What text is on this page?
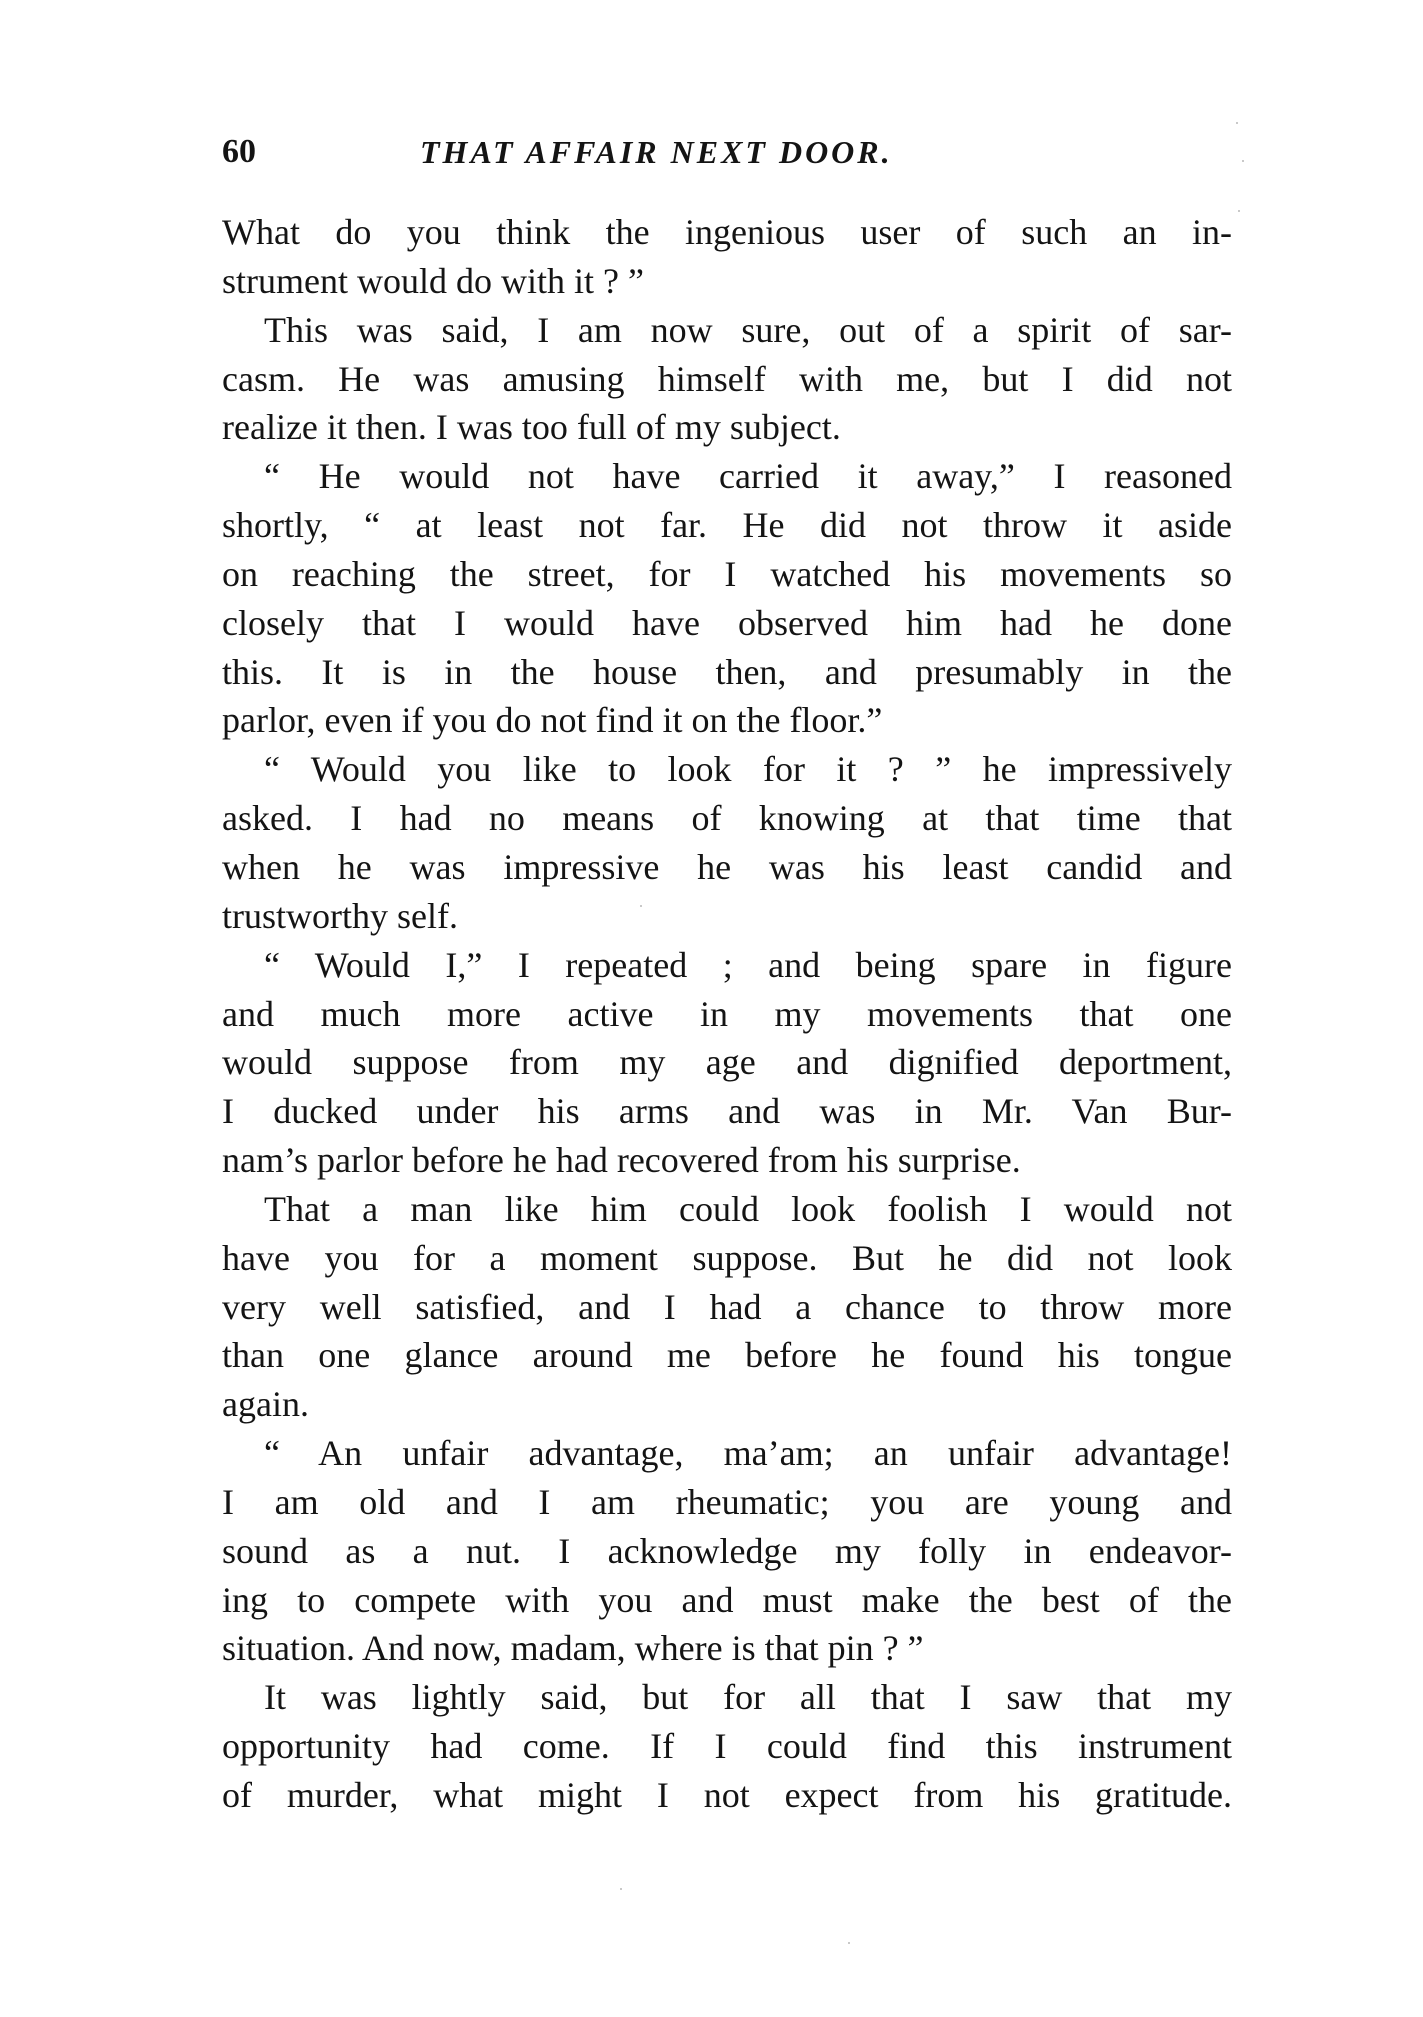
60	THAT AFFAIR NEXT DOOR.
What do you think the ingenious user of such an in-
strument would do with it ? ”
This was said, I am now sure, out of a spirit of sar-
casm. He was amusing himself with me, but I did not
realize it then. I was too full of my subject.
“ He would not have carried it away,” I reasoned
shortly, “ at least not far. He did not throw it aside
on reaching the street, for I watched his movements so
closely that I would have observed him had he done
this. It is in the house then, and presumably in the
parlor, even if you do not find it on the floor.”
“ Would you like to look for it ? ” he impressively
asked. I had no means of knowing at that time that
when he was impressive he was his least candid and
trustworthy self.
“ Would I,” I repeated ; and being spare in figure
and much more active in my movements that one
would suppose from my age and dignified deportment,
I ducked under his arms and was in Mr. Van Bur-
nam’s parlor before he had recovered from his surprise.
That a man like him could look foolish I would not
have you for a moment suppose. But he did not look
very well satisfied, and I had a chance to throw more
than one glance around me before he found his tongue
again.
“ An unfair advantage, ma’am; an unfair advantage!
I am old and I am rheumatic; you are young and
sound as a nut. I acknowledge my folly in endeavor-
ing to compete with you and must make the best of the
situation. And now, madam, where is that pin ? ”
It was lightly said, but for all that I saw that my
opportunity had come. If I could find this instrument
of murder, what might I not expect from his gratitude.
